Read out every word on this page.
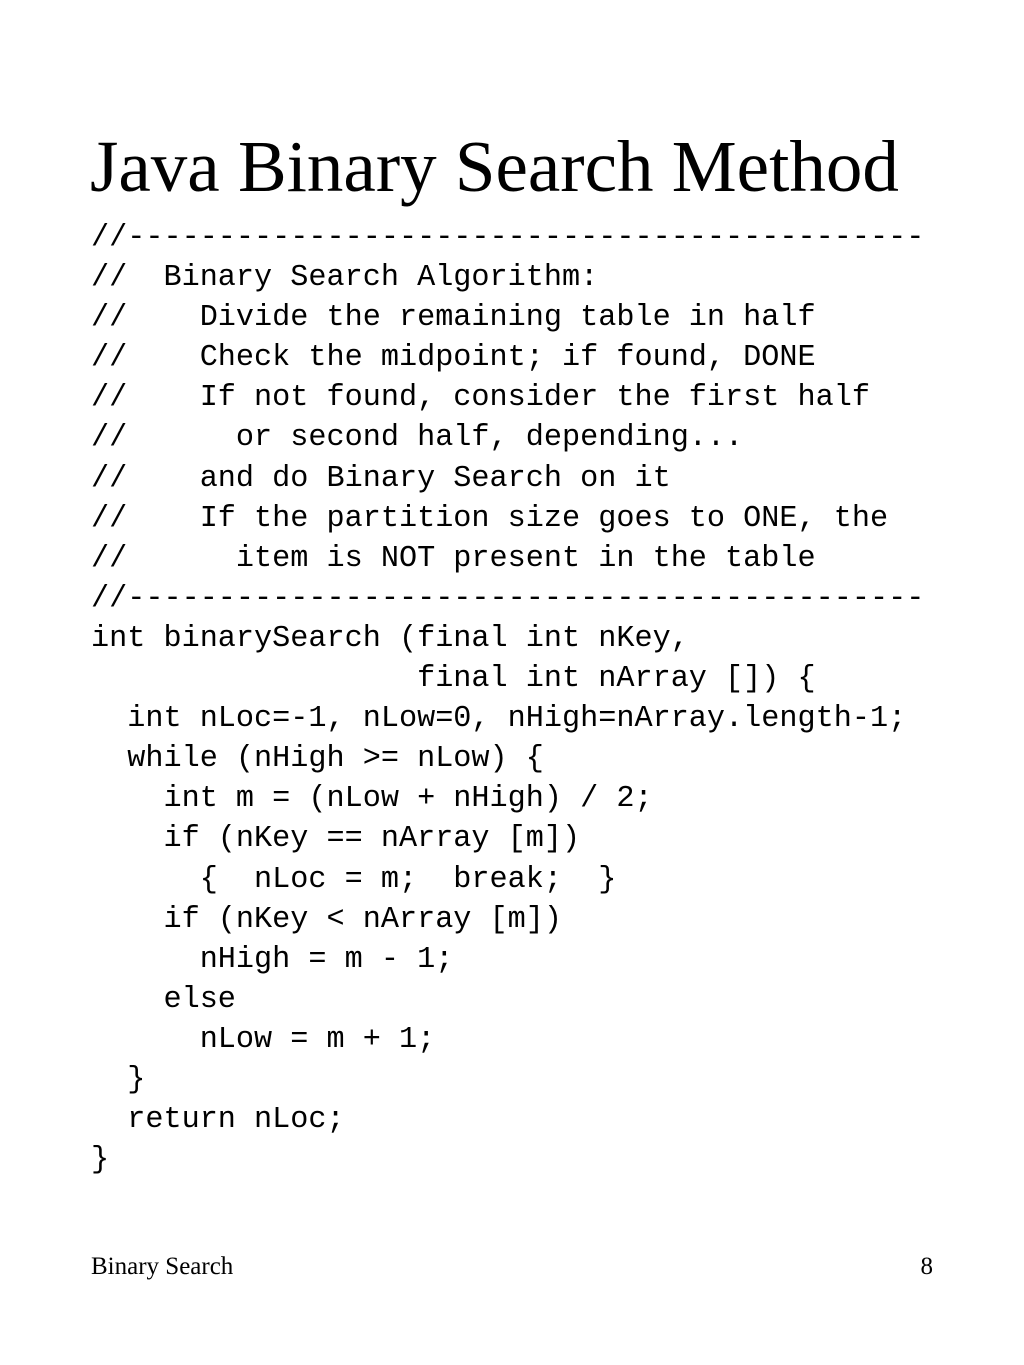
Java Binary Search Method
//--------------------------------------------
//  Binary Search Algorithm:
//    Divide the remaining table in half
//    Check the midpoint; if found, DONE
//    If not found, consider the first half
//      or second half, depending...
//    and do Binary Search on it
//    If the partition size goes to ONE, the
//      item is NOT present in the table
//--------------------------------------------
int binarySearch (final int nKey,
final int nArray []) {
int nLoc=-1, nLow=0, nHigh=nArray.length-1;
while (nHigh >= nLow) {
int m = (nLow + nHigh) / 2;
if (nKey == nArray [m])
{  nLoc = m;  break;  }
if (nKey < nArray [m])
nHigh = m - 1;
else
nLow = m + 1;
}
return nLoc;
}
Binary Search	8
